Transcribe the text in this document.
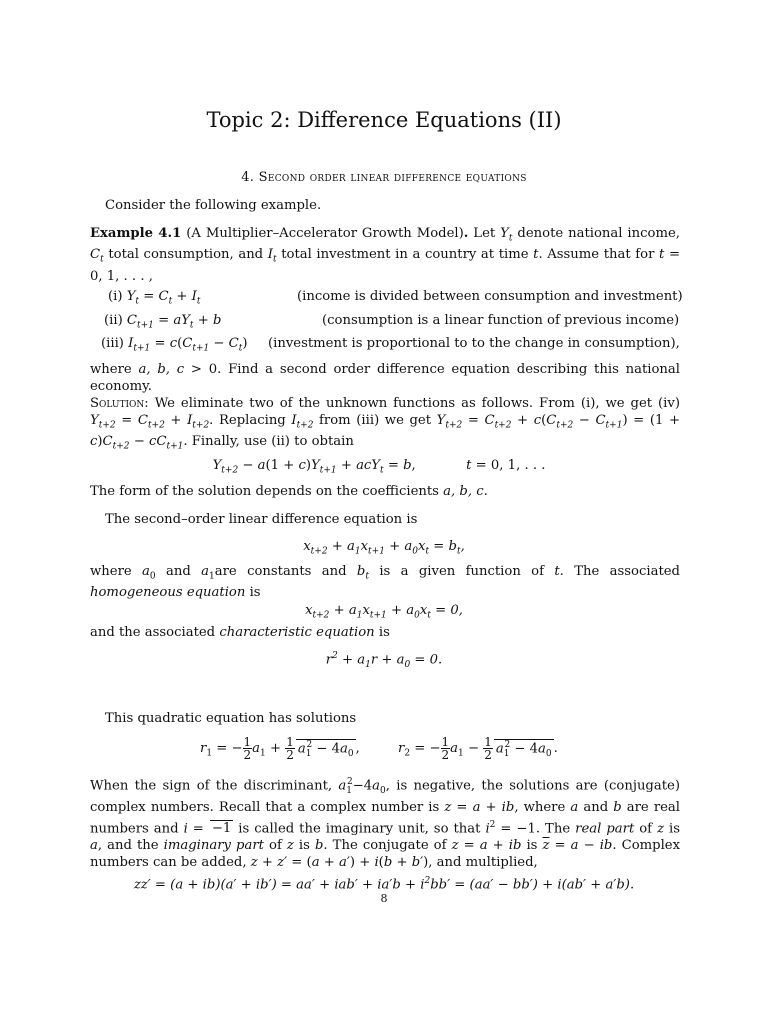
Topic 2: Difference Equations (II)
4. Second order linear difference equations
Consider the following example.
Example 4.1 (A Multiplier–Accelerator Growth Model). Let $Y_t$ denote national income, $C_t$ total consumption, and $I_t$ total investment in a country at time t. Assume that for t = 0, 1, . . . ,
(i) $Y_t = C_t + I_t$	(income is divided between consumption and investment)
(ii) $C_{t+1} = aY_t + b$	(consumption is a linear function of previous income)
(iii) $I_{t+1} = c(C_{t+1} - C_t)$ (investment is proportional to to the change in consumption),
where a, b, c > 0. Find a second order difference equation describing this national economy.
Solution: We eliminate two of the unknown functions as follows. From (i), we get (iv) $Y_{t+2} = C_{t+2} + I_{t+2}$. Replacing $I_{t+2}$ from (iii) we get $Y_{t+2} = C_{t+2} + c(C_{t+2} - C_{t+1}) = (1 + c)C_{t+2} - cC_{t+1}$. Finally, use (ii) to obtain
$Y_{t+2} - a(1 + c)Y_{t+1} + acY_t = b$,	t = 0, 1, . . .
The form of the solution depends on the coefficients a, b, c.
The second–order linear difference equation is
$x_{t+2} + a_1x_{t+1} + a_0x_t = b_t$,
where $a_0$ and $a_1are$ constants and $b_t$ is a given function of t. The associated homogeneous equation is
$x_{t+2} + a_1x_{t+1} + a_0x_t = 0$,
and the associated characteristic equation is
$r^2 + a_1r + a_0 = 0$.
This quadratic equation has solutions
$r_1$ = − $\frac{1}{2} a_1 + \frac{1}{2} a_1^2 - 4a_0$ ,	$r_2$ = − $\frac{1}{2} a_1 - \frac{1}{2} a_1^2 - 4a_0$ .
When the sign of the discriminant, $a_1^2-4a_0$, is negative, the solutions are (conjugate) complex numbers. Recall that a complex number is z = a + ib, where a and b are real numbers and i = −1 is called the imaginary unit, so that $i^2 = -1$. The real part of z is a, and the imaginary part of z is b. The conjugate of z = a + ib is $\overline{z} = a$ − ib. Complex numbers can be added, z + z′ = (a + a′) + i(b + b′), and multiplied,
$zz' = (a + ib)(a' + ib') = aa' + iab' + ia'b + i^2bb' = (aa' - bb') + i(ab' + a'b)$.
8
